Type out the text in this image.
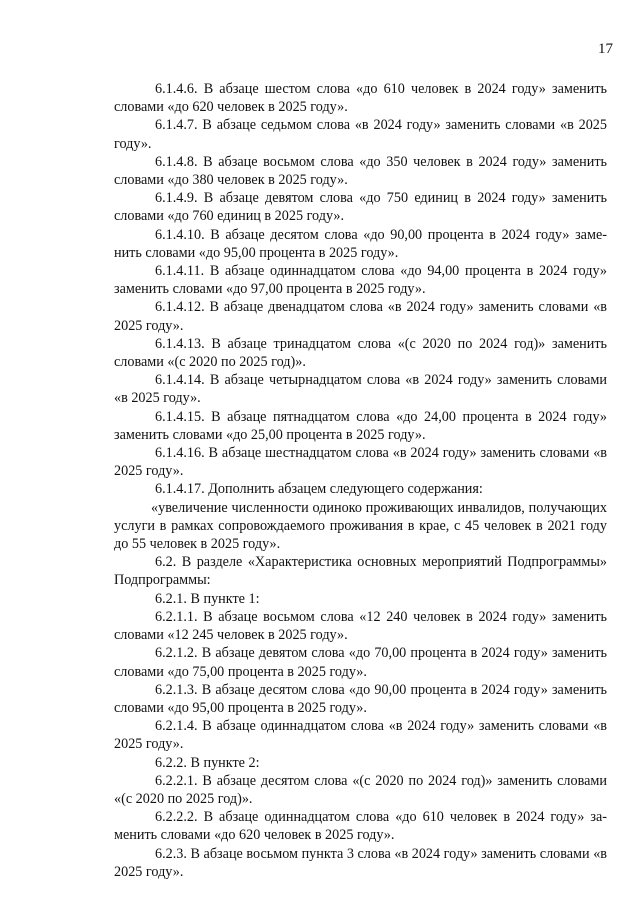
17

6.1.4.6. В абзаце шестом слова «до 610 человек в 2024 году» заменить словами «до 620 человек в 2025 году».

6.1.4.7. В абзаце седьмом слова «в 2024 году» заменить словами «в 2025 году».

6.1.4.8. В абзаце восьмом слова «до 350 человек в 2024 году» заменить словами «до 380 человек в 2025 году».

6.1.4.9. В абзаце девятом слова «до 750 единиц в 2024 году» заменить словами «до 760 единиц в 2025 году».

6.1.4.10. В абзаце десятом слова «до 90,00 процента в 2024 году» заменить словами «до 95,00 процента в 2025 году».

6.1.4.11. В абзаце одиннадцатом слова «до 94,00 процента в 2024 году» заменить словами «до 97,00 процента в 2025 году».

6.1.4.12. В абзаце двенадцатом слова «в 2024 году» заменить словами «в 2025 году».

6.1.4.13. В абзаце тринадцатом слова «(с 2020 по 2024 год)» заменить словами «(с 2020 по 2025 год)».

6.1.4.14. В абзаце четырнадцатом слова «в 2024 году» заменить словами «в 2025 году».

6.1.4.15. В абзаце пятнадцатом слова «до 24,00 процента в 2024 году» заменить словами «до 25,00 процента в 2025 году».

6.1.4.16. В абзаце шестнадцатом слова «в 2024 году» заменить словами «в 2025 году».

6.1.4.17. Дополнить абзацем следующего содержания:

«увеличение численности одиноко проживающих инвалидов, получающих услуги в рамках сопровождаемого проживания в крае, с 45 человек в 2021 году до 55 человек в 2025 году».

6.2. В разделе «Характеристика основных мероприятий Подпрограммы» Подпрограммы:

6.2.1. В пункте 1:

6.2.1.1. В абзаце восьмом слова «12 240 человек в 2024 году» заменить словами «12 245 человек в 2025 году».

6.2.1.2. В абзаце девятом слова «до 70,00 процента в 2024 году» заменить словами «до 75,00 процента в 2025 году».

6.2.1.3. В абзаце десятом слова «до 90,00 процента в 2024 году» заменить словами «до 95,00 процента в 2025 году».

6.2.1.4. В абзаце одиннадцатом слова «в 2024 году» заменить словами «в 2025 году».

6.2.2. В пункте 2:

6.2.2.1. В абзаце десятом слова «(с 2020 по 2024 год)» заменить словами «(с 2020 по 2025 год)».

6.2.2.2. В абзаце одиннадцатом слова «до 610 человек в 2024 году» заменить словами «до 620 человек в 2025 году».

6.2.3. В абзаце восьмом пункта 3 слова «в 2024 году» заменить словами «в 2025 году».
